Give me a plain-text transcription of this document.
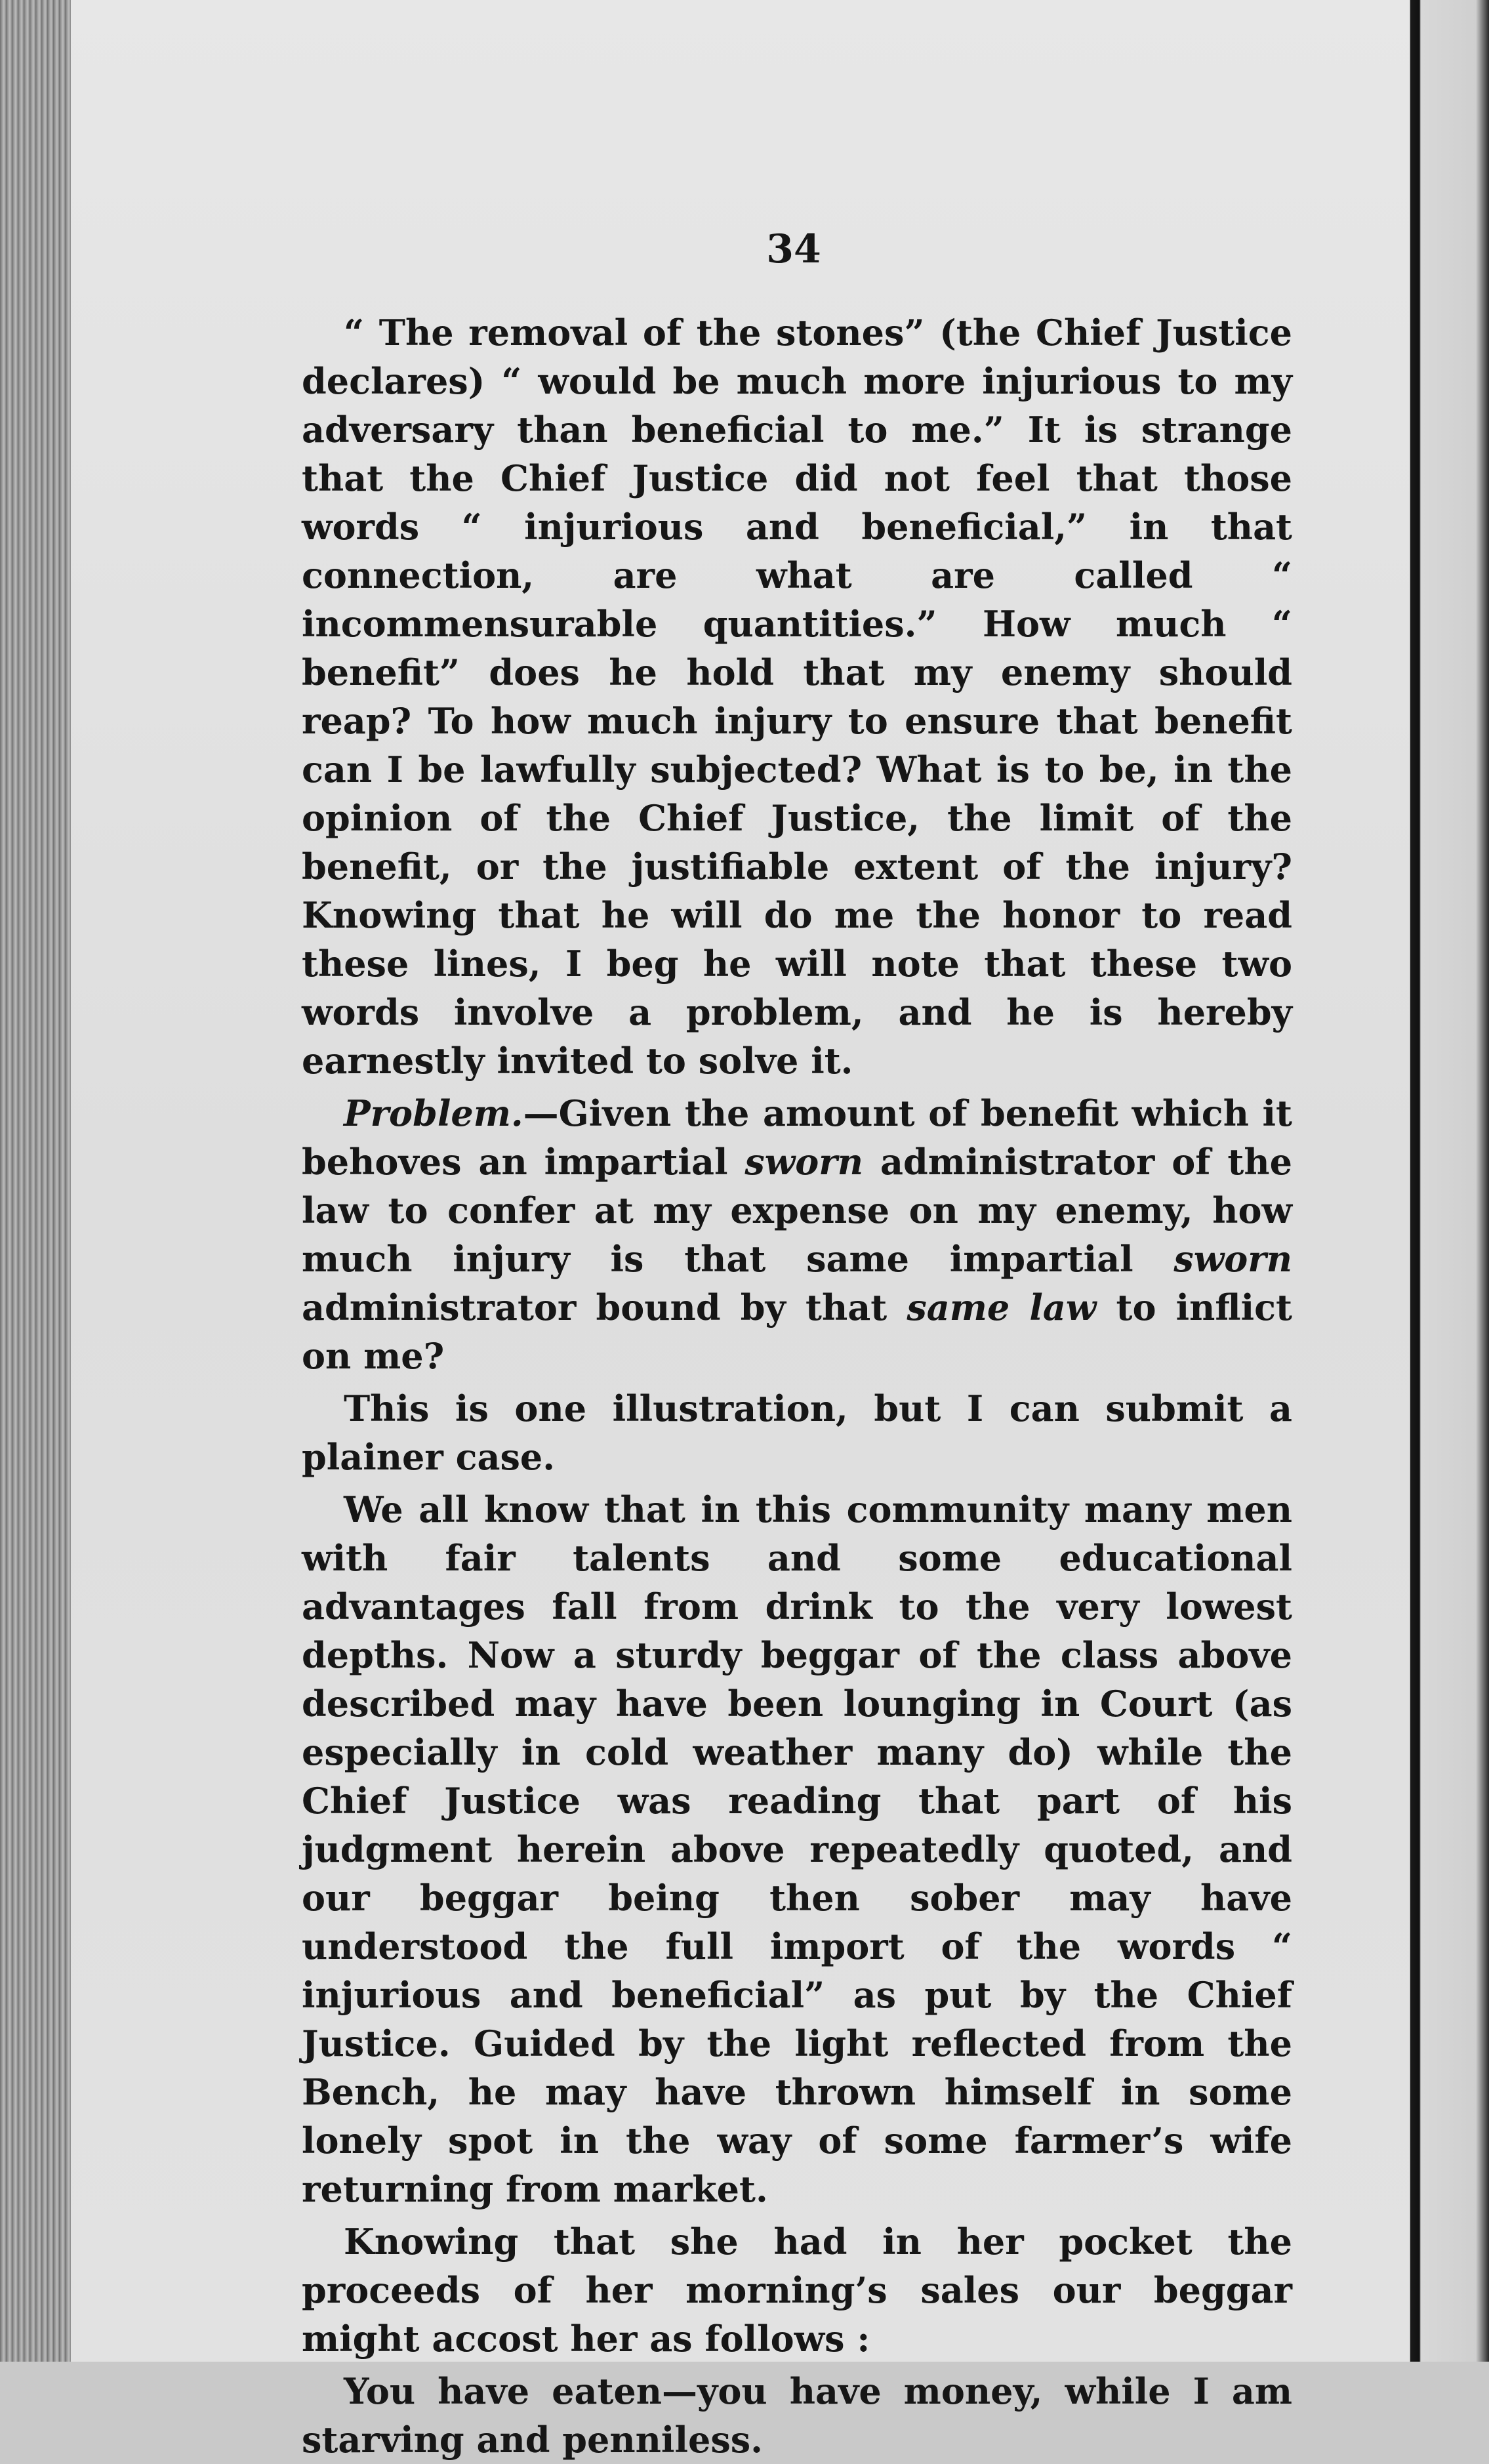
34

“ The removal of the stones” (the Chief Justice declares) “ would be much more injurious to my adversary than beneficial to me.” It is strange that the Chief Justice did not feel that those words “ injurious and beneficial,” in that connection, are what are called “ incommensurable quantities.” How much “ benefit” does he hold that my enemy should reap? To how much injury to ensure that benefit can I be lawfully subjected? What is to be, in the opinion of the Chief Justice, the limit of the benefit, or the justifiable extent of the injury? Knowing that he will do me the honor to read these lines, I beg he will note that these two words involve a problem, and he is hereby earnestly invited to solve it.

Problem.—Given the amount of benefit which it behoves an impartial sworn administrator of the law to confer at my expense on my enemy, how much injury is that same impartial sworn administrator bound by that same law to inflict on me?

This is one illustration, but I can submit a plainer case.

We all know that in this community many men with fair talents and some educational advantages fall from drink to the very lowest depths. Now a sturdy beggar of the class above described may have been lounging in Court (as especially in cold weather many do) while the Chief Justice was reading that part of his judgment herein above repeatedly quoted, and our beggar being then sober may have understood the full import of the words “ injurious and beneficial” as put by the Chief Justice. Guided by the light reflected from the Bench, he may have thrown himself in some lonely spot in the way of some farmer’s wife returning from market.

Knowing that she had in her pocket the proceeds of her morning’s sales our beggar might accost her as follows :

You have eaten—you have money, while I am starving and penniless.
